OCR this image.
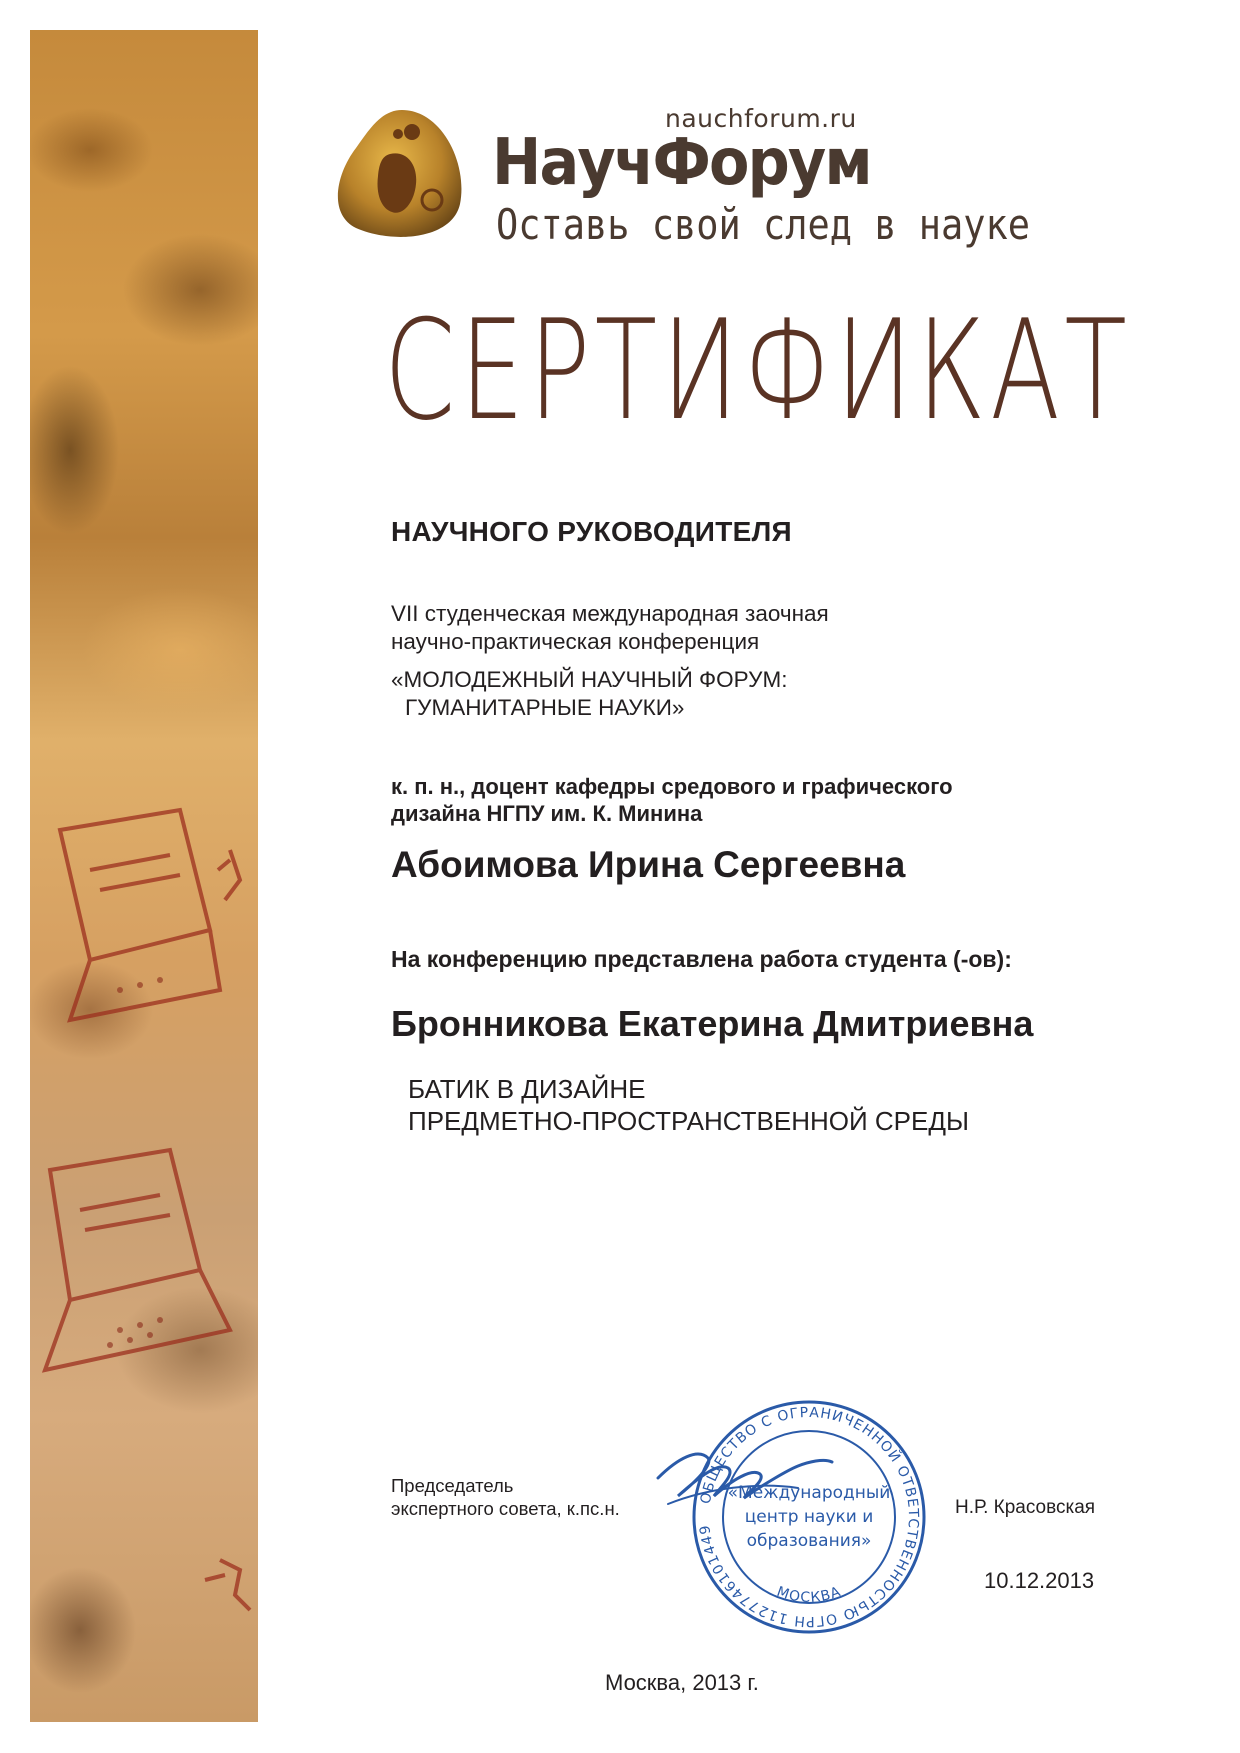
nauchforum.ru
НаучФорум
Оставь свой след в науке
СЕРТИФИКАТ
НАУЧНОГО РУКОВОДИТЕЛЯ
VII студенческая международная заочная
научно-практическая конференция
«МОЛОДЕЖНЫЙ НАУЧНЫЙ ФОРУМ:
ГУМАНИТАРНЫЕ НАУКИ»
к. п. н., доцент кафедры средового и графического
дизайна НГПУ им. К. Минина
Абоимова Ирина Сергеевна
На конференцию представлена работа студента (-ов):
Бронникова Екатерина Дмитриевна
БАТИК В ДИЗАЙНЕ
ПРЕДМЕТНО-ПРОСТРАНСТВЕННОЙ СРЕДЫ
Председатель
экспертного совета, к.пс.н.
ОБЩЕСТВО С ОГРАНИЧЕННОЙ ОТВЕТСТВЕННОСТЬЮ ОГРН 1127746101449
МОСКВА
«Международный
центр науки и
образования»
Н.Р. Красовская
10.12.2013
Москва, 2013 г.
